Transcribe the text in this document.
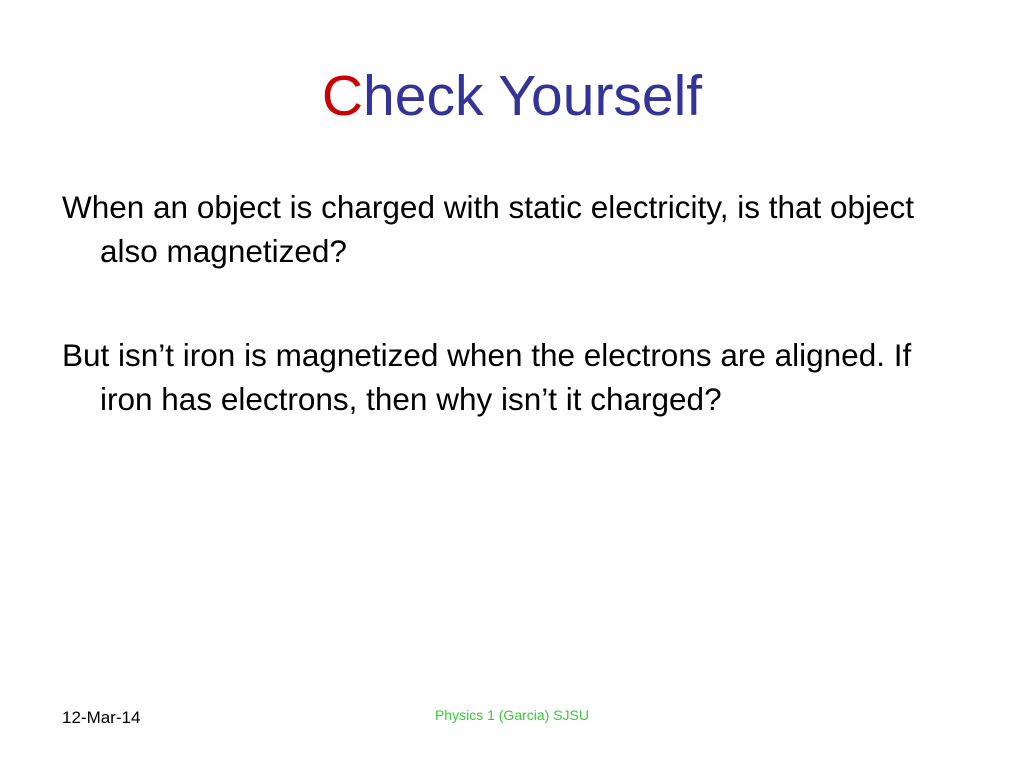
Check Yourself

When an object is charged with static electricity, is that object also magnetized?

But isn’t iron is magnetized when the electrons are aligned. If iron has electrons, then why isn’t it charged?

12-Mar-14	Physics 1 (Garcia) SJSU
